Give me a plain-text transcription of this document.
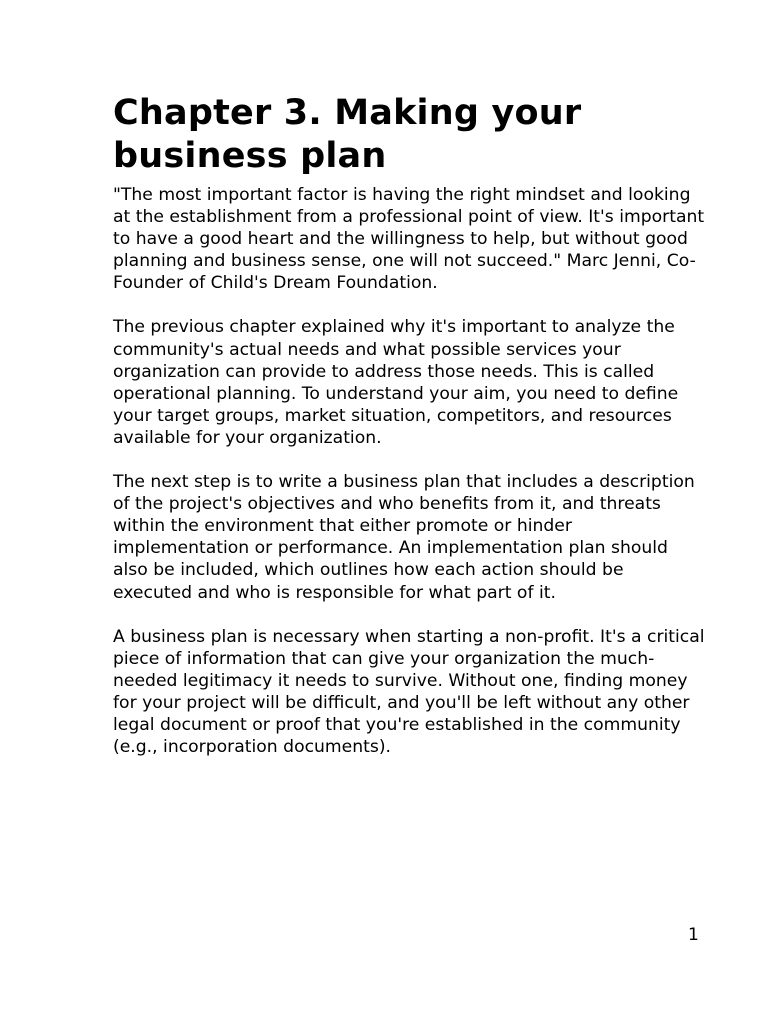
Chapter 3. Making your business plan

"The most important factor is having the right mindset and looking at the establishment from a professional point of view. It's important to have a good heart and the willingness to help, but without good planning and business sense, one will not succeed." Marc Jenni, Co-Founder of Child's Dream Foundation.

The previous chapter explained why it's important to analyze the community's actual needs and what possible services your organization can provide to address those needs. This is called operational planning. To understand your aim, you need to define your target groups, market situation, competitors, and resources available for your organization.

The next step is to write a business plan that includes a description of the project's objectives and who benefits from it, and threats within the environment that either promote or hinder implementation or performance. An implementation plan should also be included, which outlines how each action should be executed and who is responsible for what part of it.

A business plan is necessary when starting a non-profit. It's a critical piece of information that can give your organization the much-needed legitimacy it needs to survive. Without one, finding money for your project will be difficult, and you'll be left without any other legal document or proof that you're established in the community (e.g., incorporation documents).

1
